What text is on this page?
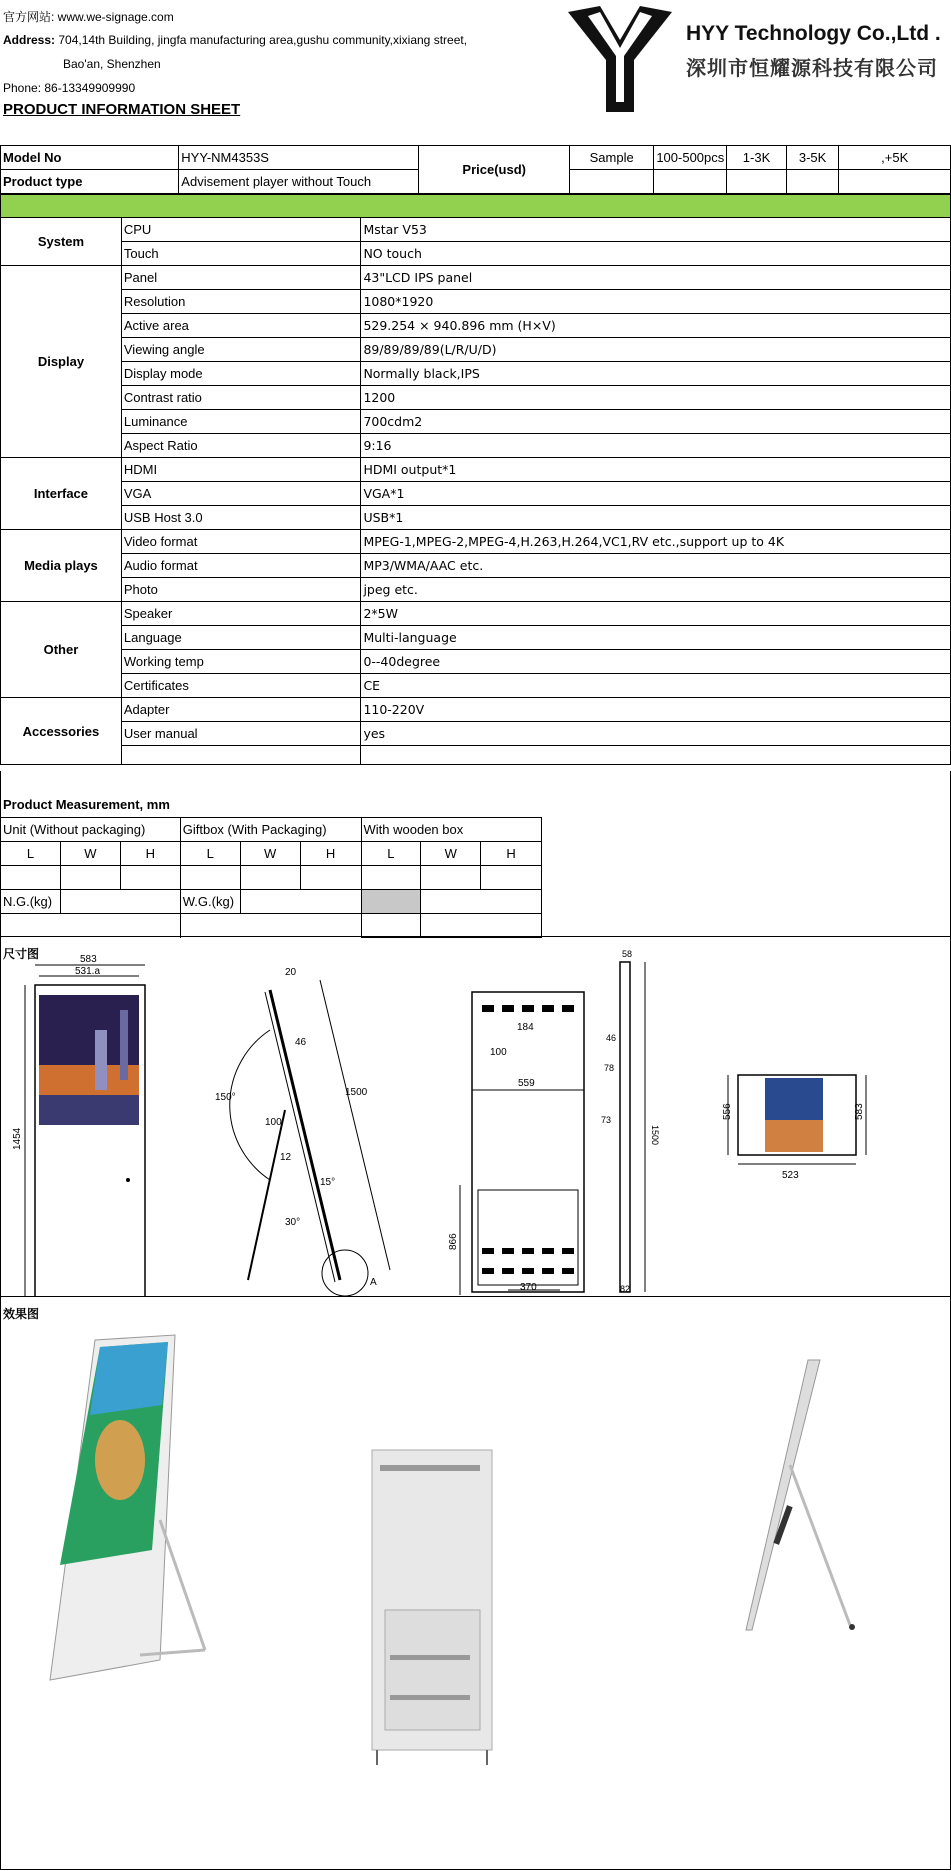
官方网站: www.we-signage.com
Address: 704,14th Building, jingfa manufacturing area,gushu community,xixiang street,
Bao'an, Shenzhen
Phone: 86-13349909990
PRODUCT INFORMATION SHEET
HYY Technology Co.,Ltd .
深圳市恒耀源科技有限公司
Model No	HYY-NM4353S	Price(usd)	Sample	100-500pcs	1-3K	3-5K	,+5K
Product type	Advisement player without Touch						

System	CPU	Mstar V53
	Touch	NO touch
Display	Panel	43"LCD IPS panel
	Resolution	1080*1920
	Active area	529.254 × 940.896 mm (H×V)
	Viewing angle	89/89/89/89(L/R/U/D)
	Display mode	Normally black,IPS
	Contrast ratio	1200
	Luminance	700cdm2
	Aspect Ratio	9:16
Interface	HDMI	HDMI output*1
	VGA	VGA*1
	USB Host 3.0	USB*1
Media plays	Video format	MPEG-1,MPEG-2,MPEG-4,H.263,H.264,VC1,RV etc.,support up to 4K
	Audio format	MP3/WMA/AAC etc.
	Photo	jpeg etc.
Other	Speaker	2*5W
	Language	Multi-language
	Working temp	0--40degree
	Certificates	CE
Accessories	Adapter	110-220V
	User manual	yes

Product Measurement, mm
Unit (Without packaging)			Giftbox (With Packaging)			With wooden box		
L	W	H	L	W	H	L	W	H

N.G.(kg)			W.G.(kg)					

尺寸图	583
531.a
1454
20
46
150°	1500
100
12
15°
30°
A
184
100
559
866
370
58
46
78
73
1500
82
556	583
523
效果图
